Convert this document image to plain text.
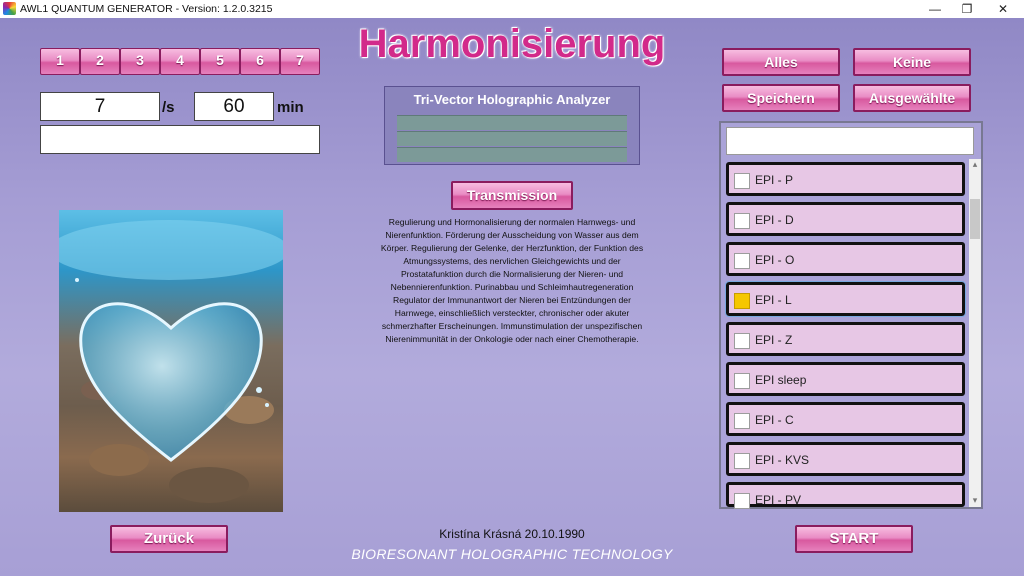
AWL1 QUANTUM GENERATOR - Version: 1.2.0.3215	—	❐	✕
1	2	3	4	5	6	7	Harmonisierung
7	/s	60	min	Tri-Vector Holographic Analyzer
Transmission
Regulierung und Hormonalisierung der normalen Harnwegs- und Nierenfunktion. Förderung der Ausscheidung von Wasser aus dem Körper. Regulierung der Gelenke, der Herzfunktion, der Funktion des Atmungssystems, des nervlichen Gleichgewichts und der Prostatafunktion durch die Normalisierung der Nieren- und Nebennierenfunktion. Purinabbau und Schleimhautregeneration Regulator der Immunantwort der Nieren bei Entzündungen der Harnwege, einschließlich versteckter, chronischer oder akuter schmerzhafter Erscheinungen. Immunstimulation der unspezifischen Nierenimmunität in der Onkologie oder nach einer Chemotherapie.
Alles	Keine
Speichern	Ausgewählte
EPI - P
EPI - D
EPI - O
EPI - L
EPI - Z
EPI sleep
EPI - C
EPI - KVS
EPI - PV
▴
▾
Zurück	START
Kristína Krásná 20.10.1990
BIORESONANT HOLOGRAPHIC TECHNOLOGY
